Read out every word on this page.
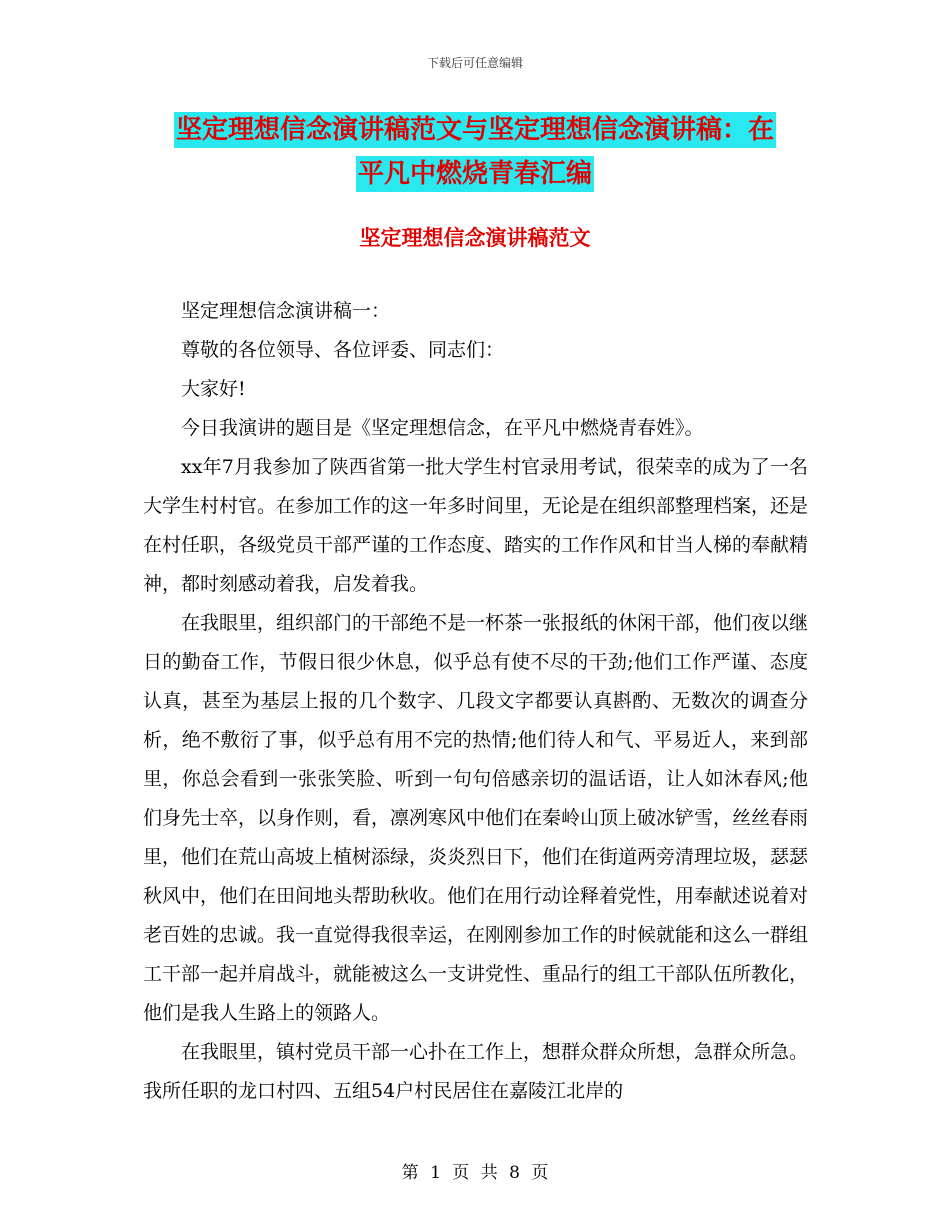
下载后可任意编辑
坚定理想信念演讲稿范文与坚定理想信念演讲稿：在
平凡中燃烧青春汇编
坚定理想信念演讲稿范文

坚定理想信念演讲稿一：

尊敬的各位领导、各位评委、同志们：

大家好!

今日我演讲的题目是《坚定理想信念，在平凡中燃烧青春姓》。

xx年7月我参加了陕西省第一批大学生村官录用考试，很荣幸的成为了一名大学生村村官。在参加工作的这一年多时间里，无论是在组织部整理档案，还是在村任职，各级党员干部严谨的工作态度、踏实的工作作风和甘当人梯的奉献精神，都时刻感动着我，启发着我。

在我眼里，组织部门的干部绝不是一杯茶一张报纸的休闲干部，他们夜以继日的勤奋工作，节假日很少休息，似乎总有使不尽的干劲;他们工作严谨、态度认真，甚至为基层上报的几个数字、几段文字都要认真斟酌、无数次的调查分析，绝不敷衍了事，似乎总有用不完的热情;他们待人和气、平易近人，来到部里，你总会看到一张张笑脸、听到一句句倍感亲切的温话语，让人如沐春风;他们身先士卒，以身作则，看，凛冽寒风中他们在秦岭山顶上破冰铲雪，丝丝春雨里，他们在荒山高坡上植树添绿，炎炎烈日下，他们在街道两旁清理垃圾，瑟瑟秋风中，他们在田间地头帮助秋收。他们在用行动诠释着党性，用奉献述说着对老百姓的忠诚。我一直觉得我很幸运，在刚刚参加工作的时候就能和这么一群组工干部一起并肩战斗，就能被这么一支讲党性、重品行的组工干部队伍所教化，他们是我人生路上的领路人。

在我眼里，镇村党员干部一心扑在工作上，想群众群众所想，急群众所急。我所任职的龙口村四、五组54户村民居住在嘉陵江北岸的

第 1 页 共 8 页
